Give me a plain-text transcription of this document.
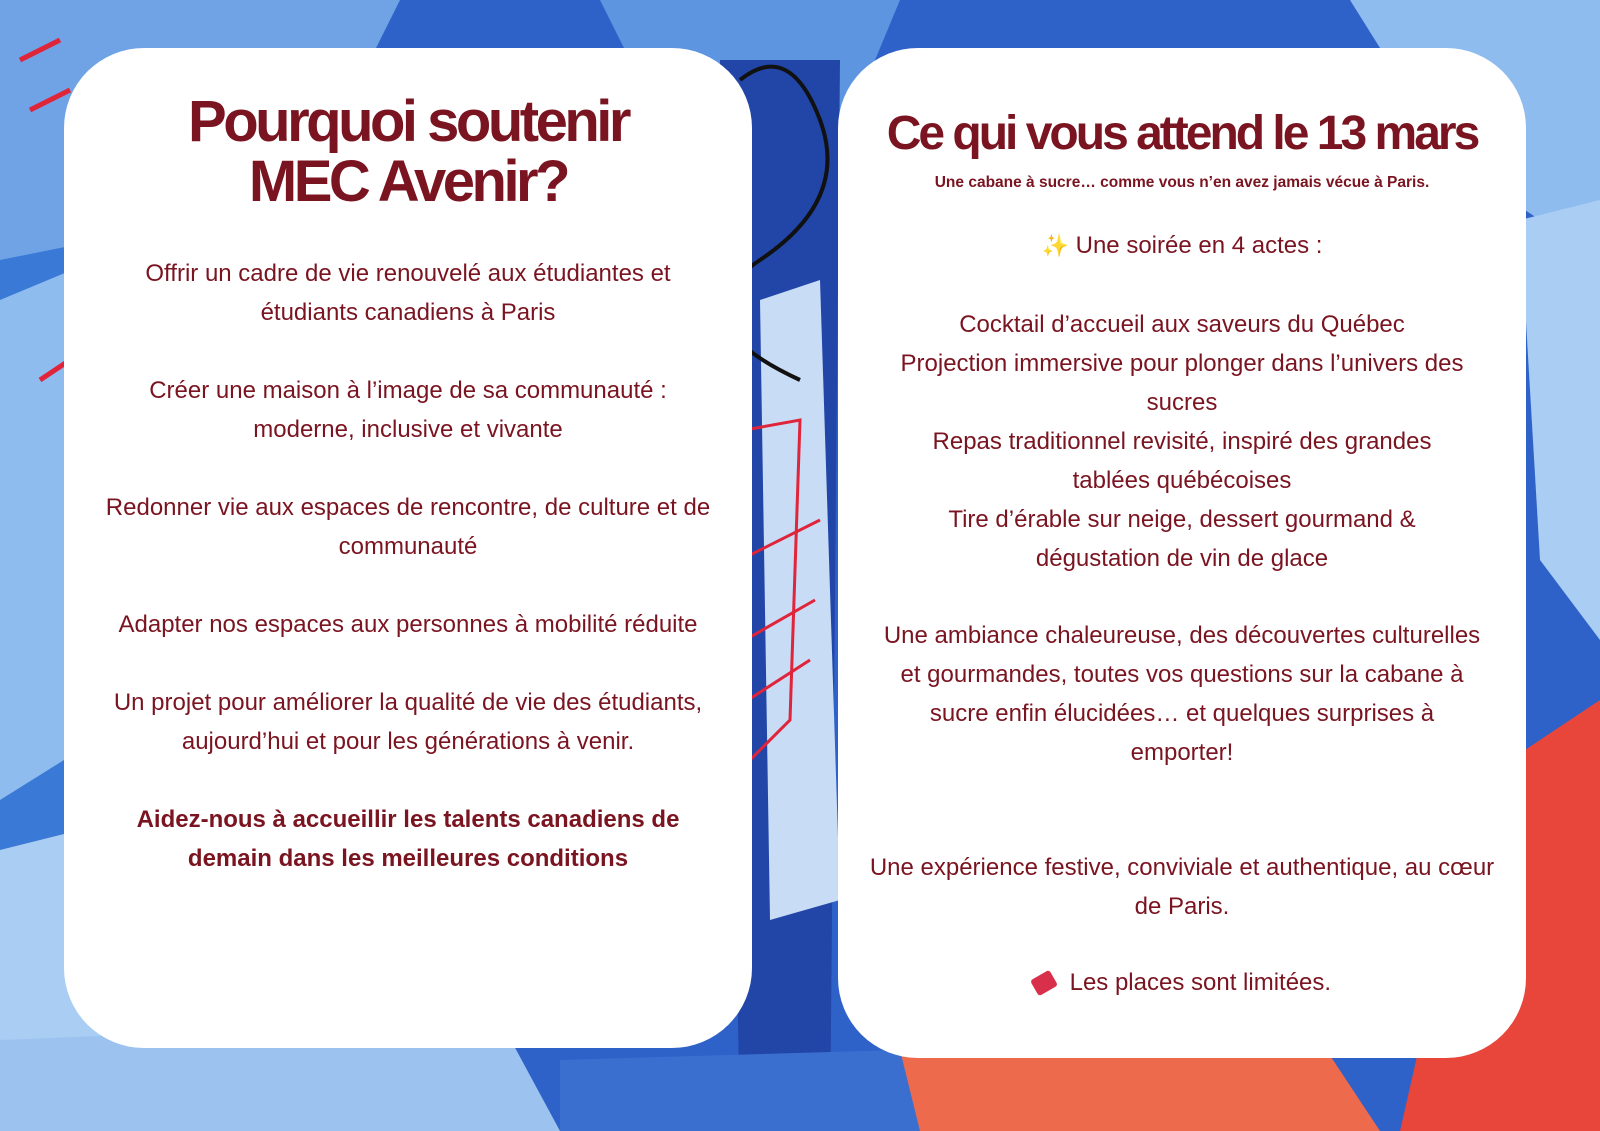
Pourquoi soutenir
MEC Avenir?

Offrir un cadre de vie renouvelé aux étudiantes et étudiants canadiens à Paris

Créer une maison à l’image de sa communauté : moderne, inclusive et vivante

Redonner vie aux espaces de rencontre, de culture et de communauté

Adapter nos espaces aux personnes à mobilité réduite

Un projet pour améliorer la qualité de vie des étudiants, aujourd’hui et pour les générations à venir.

Aidez-nous à accueillir les talents canadiens de demain dans les meilleures conditions

Ce qui vous attend le 13 mars
Une cabane à sucre… comme vous n’en avez jamais vécue à Paris.

✨ Une soirée en 4 actes :

Cocktail d’accueil aux saveurs du Québec

Projection immersive pour plonger dans l’univers des sucres

Repas traditionnel revisité, inspiré des grandes tablées québécoises

Tire d’érable sur neige, dessert gourmand & dégustation de vin de glace

Une ambiance chaleureuse, des découvertes culturelles et gourmandes, toutes vos questions sur la cabane à sucre enfin élucidées… et quelques surprises à emporter!

Une expérience festive, conviviale et authentique, au cœur de Paris.

Les places sont limitées.
